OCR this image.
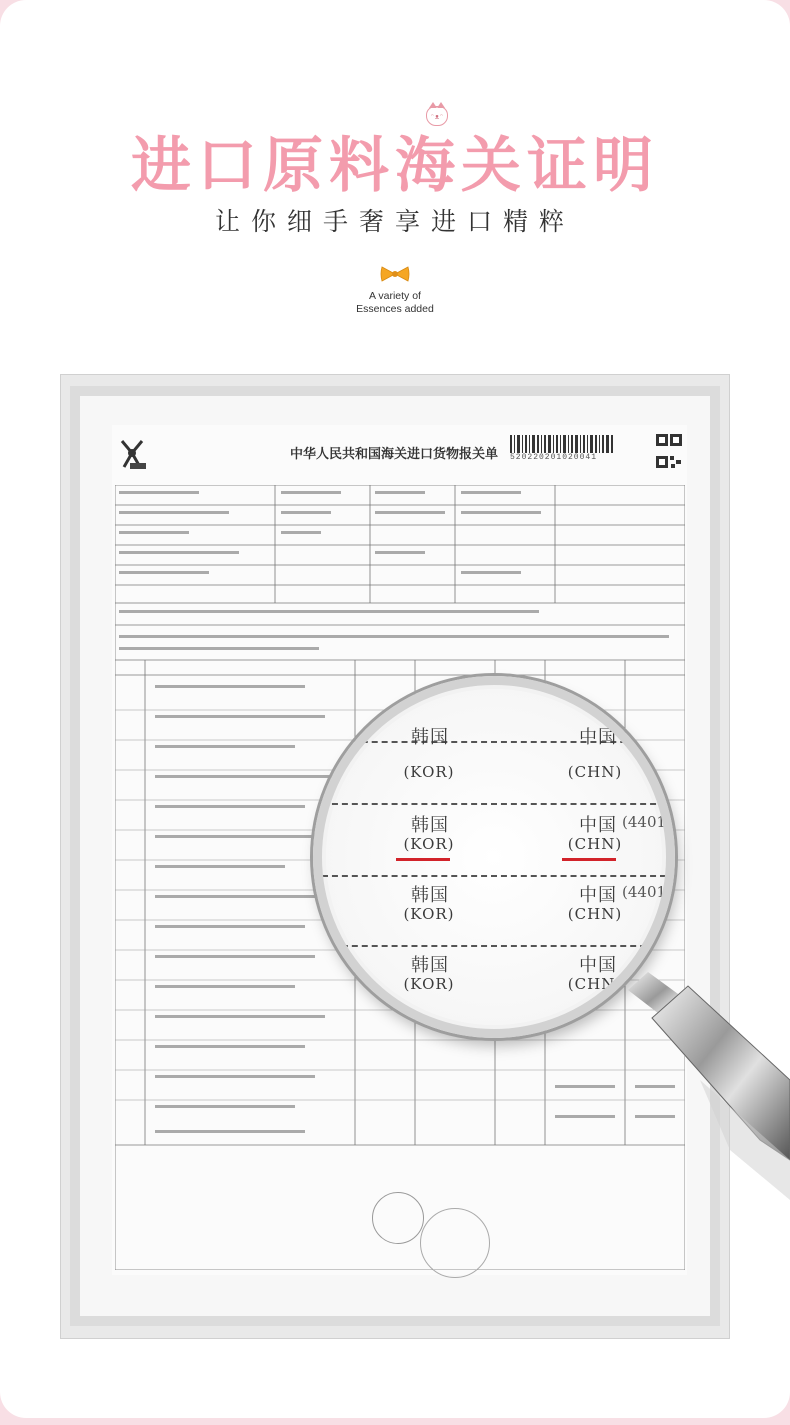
ᵔᴥᵔ
进口原料海关证明
让你细手奢享进口精粹
A variety of
Essences added
中华人民共和国海关进口货物报关单 520220201020041
韩国	中国 (44
(KOR)	(CHN)
韩国	中国 (4401
(KOR)	(CHN)
韩国	中国 (4401
(KOR)	(CHN)
韩国	中国
(KOR)	(CHN)
